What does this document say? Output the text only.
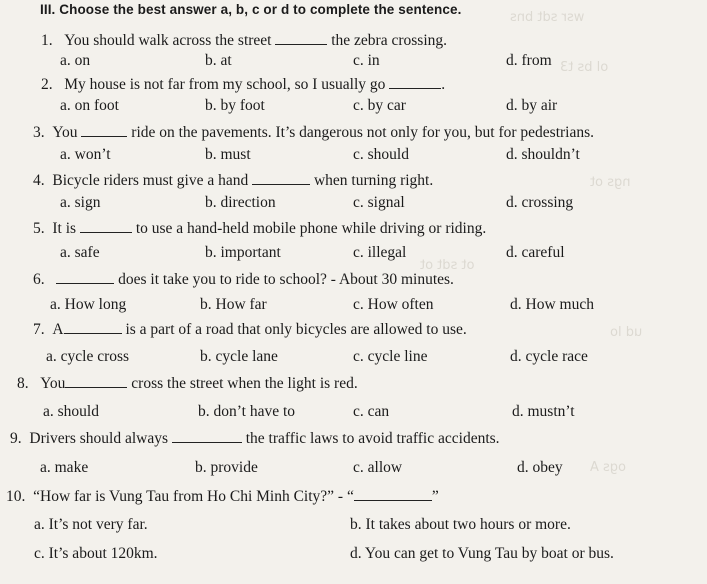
wsr sdt bns
ol bs t3
ngs ot
ot sdt ot
ud lo
ogs A
III. Choose the best answer a, b, c or d to complete the sentence.
1. You should walk across the street	the zebra crossing.
a. on	b. at	c. in	d. from
2. My house is not far from my school, so I usually go	.
a. on foot	b. by foot	c. by car	d. by air
3. You	ride on the pavements. It’s dangerous not only for you, but for pedestrians.
a. won’t	b. must	c. should	d. shouldn’t
4. Bicycle riders must give a hand	when turning right.
a. sign	b. direction	c. signal	d. crossing
5. It is	to use a hand-held mobile phone while driving or riding.
a. safe	b. important	c. illegal	d. careful
6.	does it take you to ride to school? - About 30 minutes.
a. How long	b. How far	c. How often	d. How much
7. A	is a part of a road that only bicycles are allowed to use.
a. cycle cross	b. cycle lane	c. cycle line	d. cycle race
8. You	cross the street when the light is red.
a. should	b. don’t have to	c. can	d. mustn’t
9. Drivers should always	the traffic laws to avoid traffic accidents.
a. make	b. provide	c. allow	d. obey
10. “How far is Vung Tau from Ho Chi Minh City?” - “	”
a. It’s not very far.	b. It takes about two hours or more.
c. It’s about 120km.	d. You can get to Vung Tau by boat or bus.
